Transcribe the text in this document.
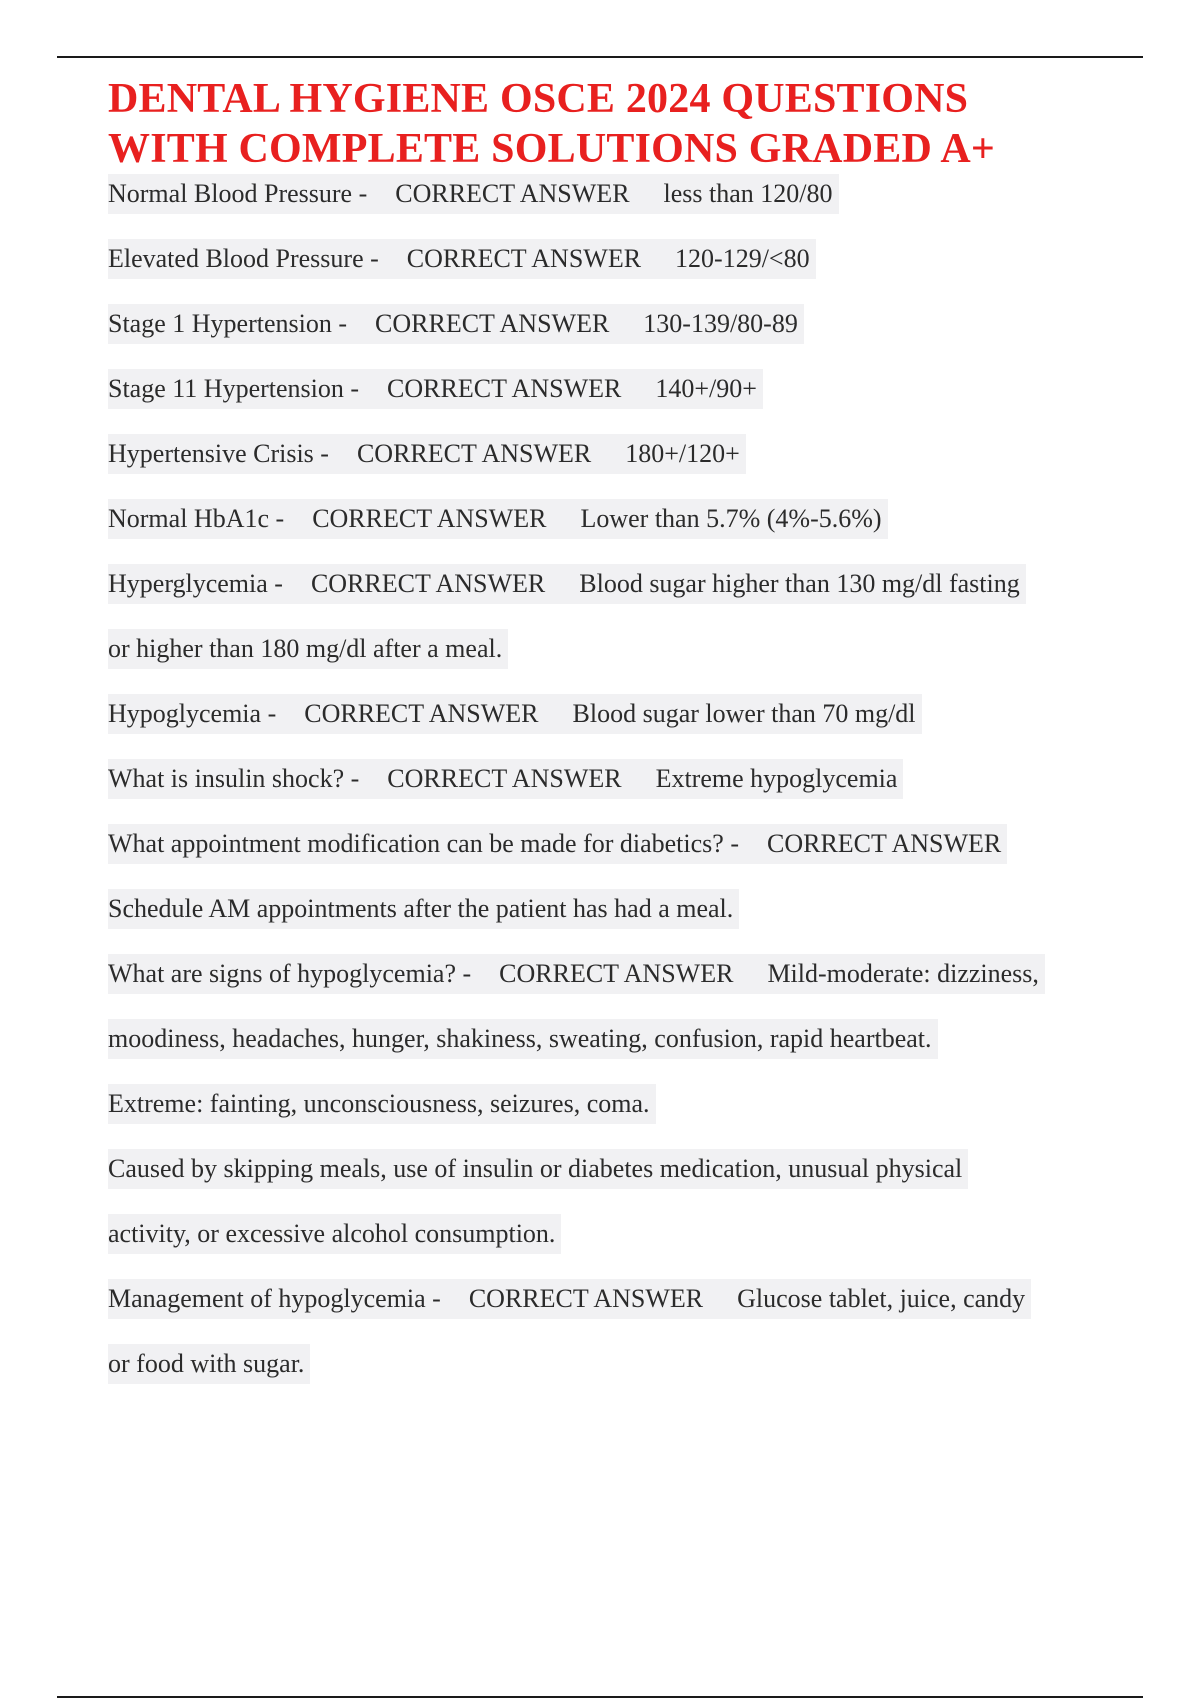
DENTAL HYGIENE OSCE 2024 QUESTIONS
WITH COMPLETE SOLUTIONS GRADED A+
Normal Blood Pressure - CORRECT ANSWER less than 120/80
Elevated Blood Pressure - CORRECT ANSWER 120-129/<80
Stage 1 Hypertension - CORRECT ANSWER 130-139/80-89
Stage 11 Hypertension - CORRECT ANSWER 140+/90+
Hypertensive Crisis - CORRECT ANSWER 180+/120+
Normal HbA1c - CORRECT ANSWER Lower than 5.7% (4%-5.6%)
Hyperglycemia - CORRECT ANSWER Blood sugar higher than 130 mg/dl fasting
or higher than 180 mg/dl after a meal.
Hypoglycemia - CORRECT ANSWER Blood sugar lower than 70 mg/dl
What is insulin shock? - CORRECT ANSWER Extreme hypoglycemia
What appointment modification can be made for diabetics? - CORRECT ANSWER
Schedule AM appointments after the patient has had a meal.
What are signs of hypoglycemia? - CORRECT ANSWER Mild-moderate: dizziness,
moodiness, headaches, hunger, shakiness, sweating, confusion, rapid heartbeat.
Extreme: fainting, unconsciousness, seizures, coma.
Caused by skipping meals, use of insulin or diabetes medication, unusual physical
activity, or excessive alcohol consumption.
Management of hypoglycemia - CORRECT ANSWER Glucose tablet, juice, candy
or food with sugar.
